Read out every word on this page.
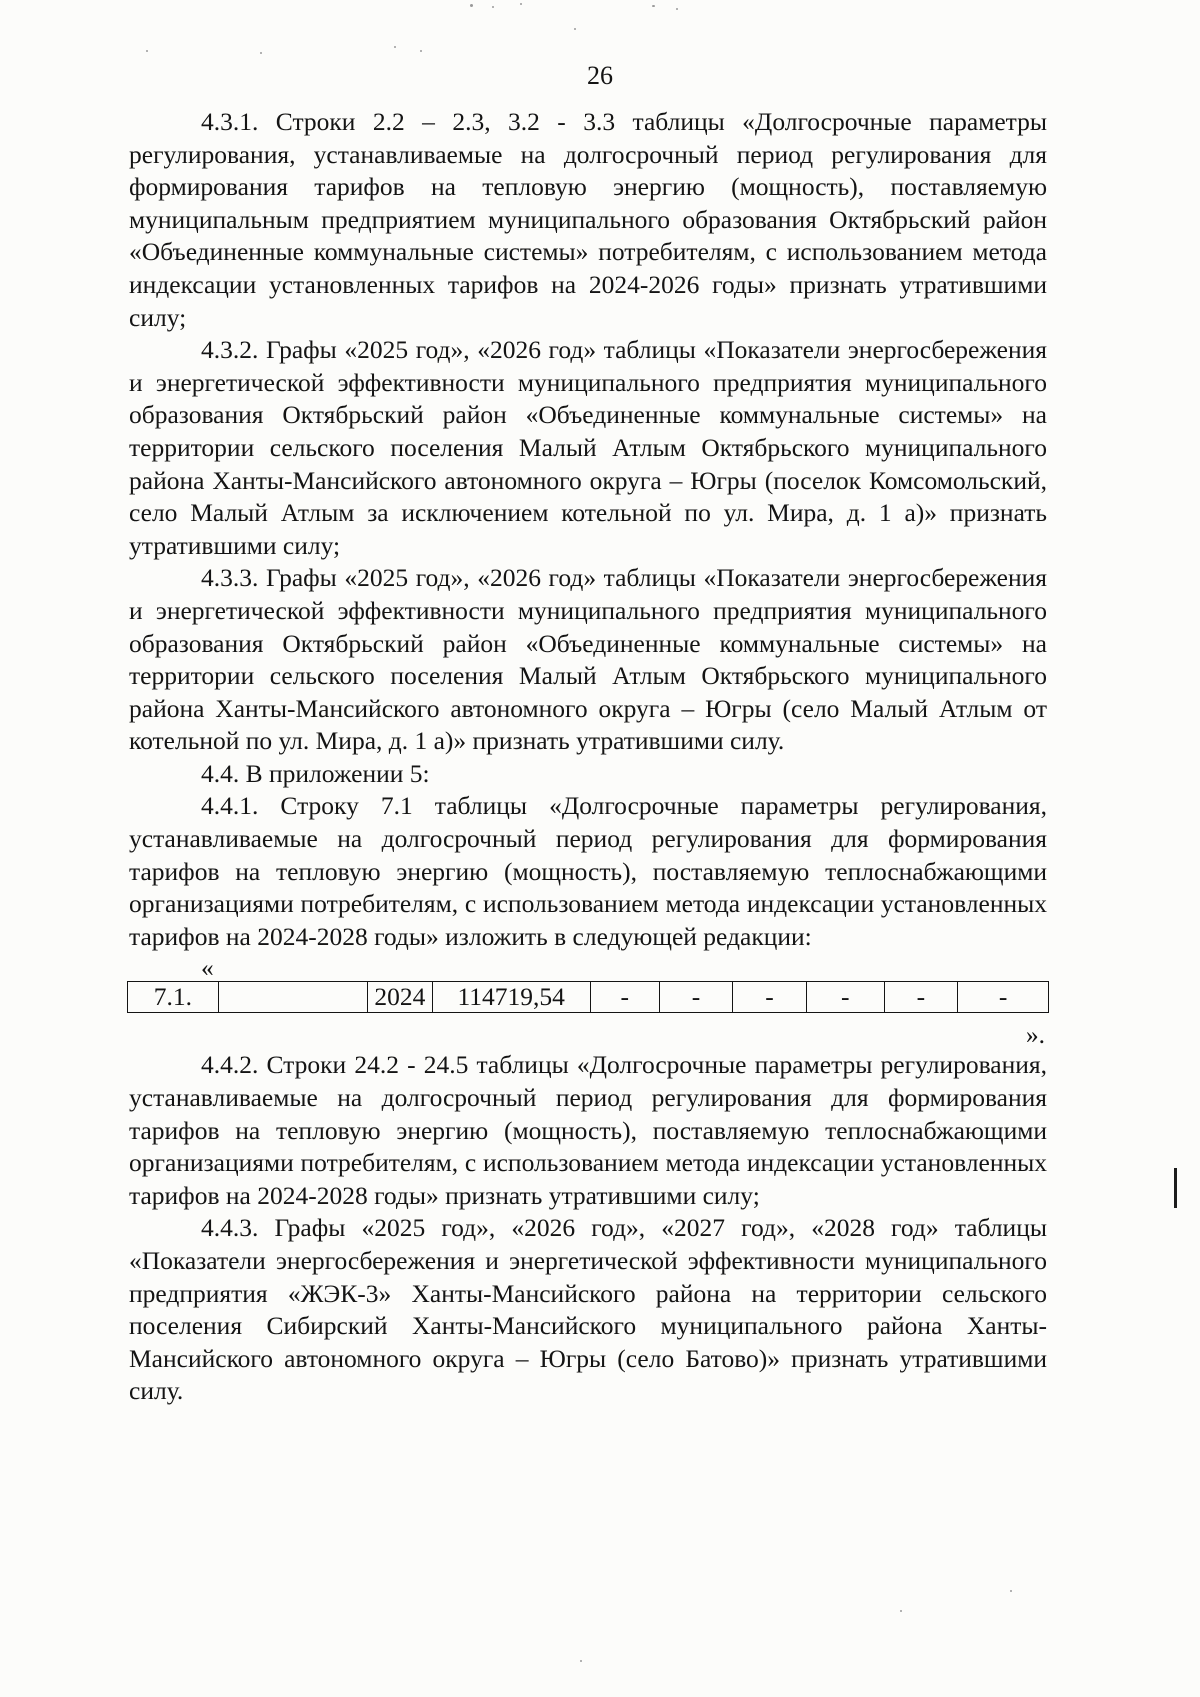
26

4.3.1. Строки 2.2 – 2.3, 3.2 - 3.3 таблицы «Долгосрочные параметры регулирования, устанавливаемые на долгосрочный период регулирования для формирования тарифов на тепловую энергию (мощность), поставляемую муниципальным предприятием муниципального образования Октябрьский район «Объединенные коммунальные системы» потребителям, с использованием метода индексации установленных тарифов на 2024-2026 годы» признать утратившими силу;

4.3.2. Графы «2025 год», «2026 год» таблицы «Показатели энергосбережения и энергетической эффективности муниципального предприятия муниципального образования Октябрьский район «Объединенные коммунальные системы» на территории сельского поселения Малый Атлым Октябрьского муниципального района Ханты-Мансийского автономного округа – Югры (поселок Комсомольский, село Малый Атлым за исключением котельной по ул. Мира, д. 1 а)» признать утратившими силу;

4.3.3. Графы «2025 год», «2026 год» таблицы «Показатели энергосбережения и энергетической эффективности муниципального предприятия муниципального образования Октябрьский район «Объединенные коммунальные системы» на территории сельского поселения Малый Атлым Октябрьского муниципального района Ханты-Мансийского автономного округа – Югры (село Малый Атлым от котельной по ул. Мира, д. 1 а)» признать утратившими силу.

4.4. В приложении 5:

4.4.1. Строку 7.1 таблицы «Долгосрочные параметры регулирования, устанавливаемые на долгосрочный период регулирования для формирования тарифов на тепловую энергию (мощность), поставляемую теплоснабжающими организациями потребителям, с использованием метода индексации установленных тарифов на 2024-2028 годы» изложить в следующей редакции:

«
7.1.		2024	114719,54	-	-	-	-	-	-
».

4.4.2. Строки 24.2 - 24.5 таблицы «Долгосрочные параметры регулирования, устанавливаемые на долгосрочный период регулирования для формирования тарифов на тепловую энергию (мощность), поставляемую теплоснабжающими организациями потребителям, с использованием метода индексации установленных тарифов на 2024-2028 годы» признать утратившими силу;

4.4.3. Графы «2025 год», «2026 год», «2027 год», «2028 год» таблицы «Показатели энергосбережения и энергетической эффективности муниципального предприятия «ЖЭК-3» Ханты-Мансийского района на территории сельского поселения Сибирский Ханты-Мансийского муниципального района Ханты-Мансийского автономного округа – Югры (село Батово)» признать утратившими силу.
